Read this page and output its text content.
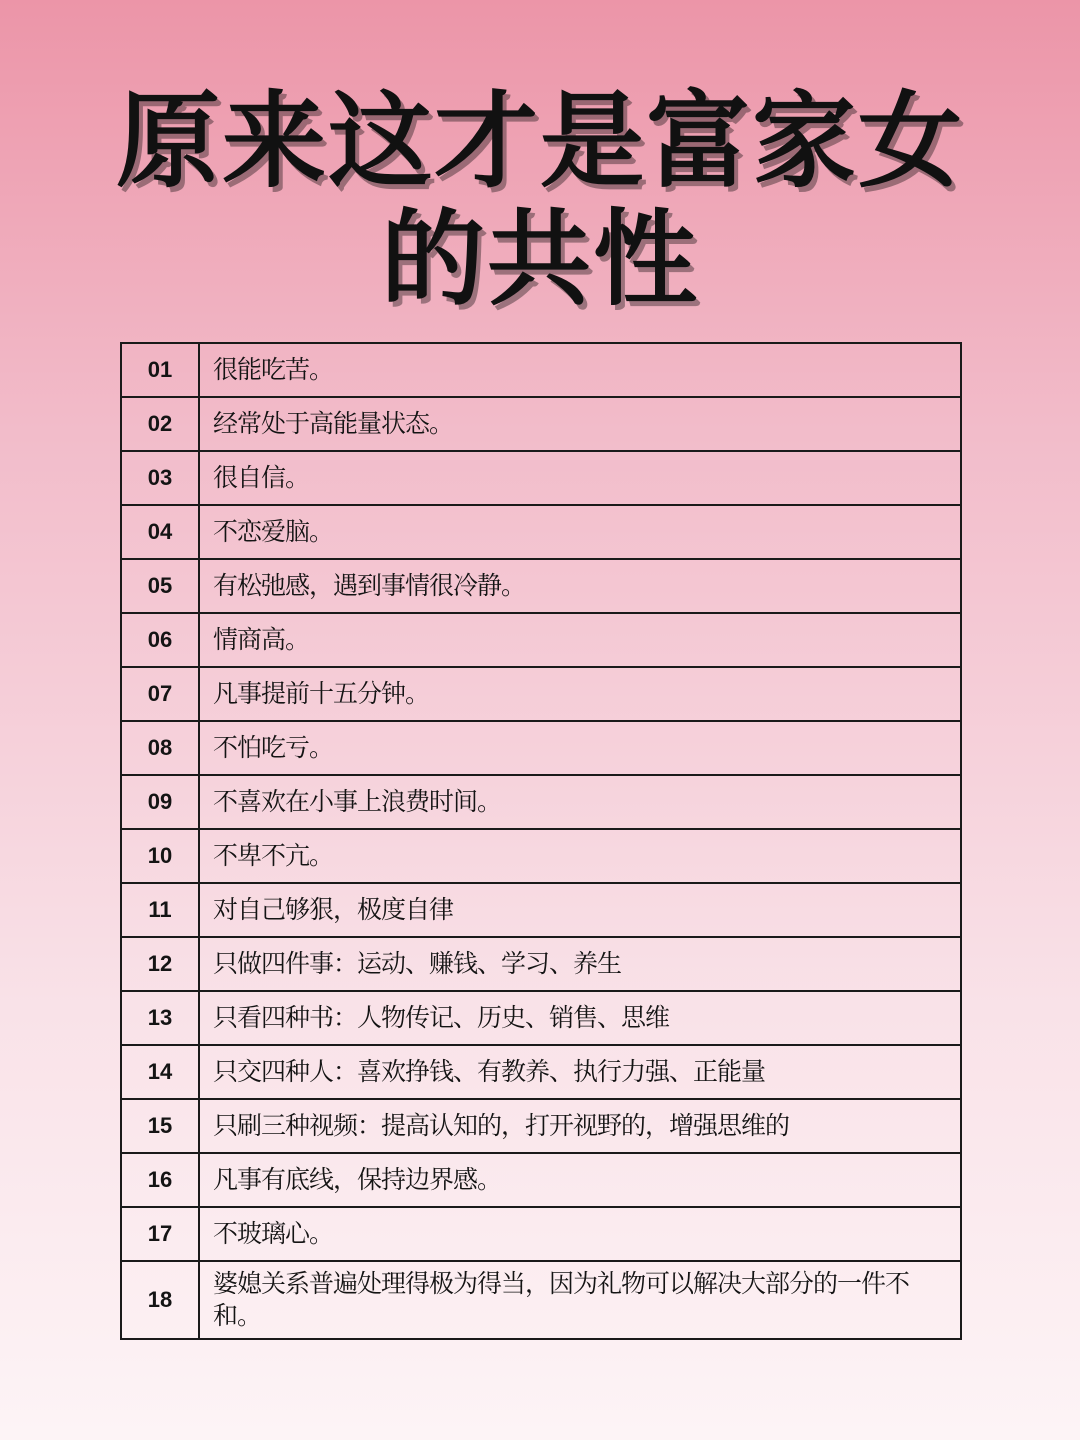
原来这才是富家女
的共性
01	很能吃苦。
02	经常处于高能量状态。
03	很自信。
04	不恋爱脑。
05	有松弛感，遇到事情很冷静。
06	情商高。
07	凡事提前十五分钟。
08	不怕吃亏。
09	不喜欢在小事上浪费时间。
10	不卑不亢。
11	对自己够狠，极度自律
12	只做四件事：运动、赚钱、学习、养生
13	只看四种书：人物传记、历史、销售、思维
14	只交四种人：喜欢挣钱、有教养、执行力强、正能量
15	只刷三种视频：提高认知的，打开视野的，增强思维的
16	凡事有底线，保持边界感。
17	不玻璃心。
18	婆媳关系普遍处理得极为得当，因为礼物可以解决大部分的一件不和。
